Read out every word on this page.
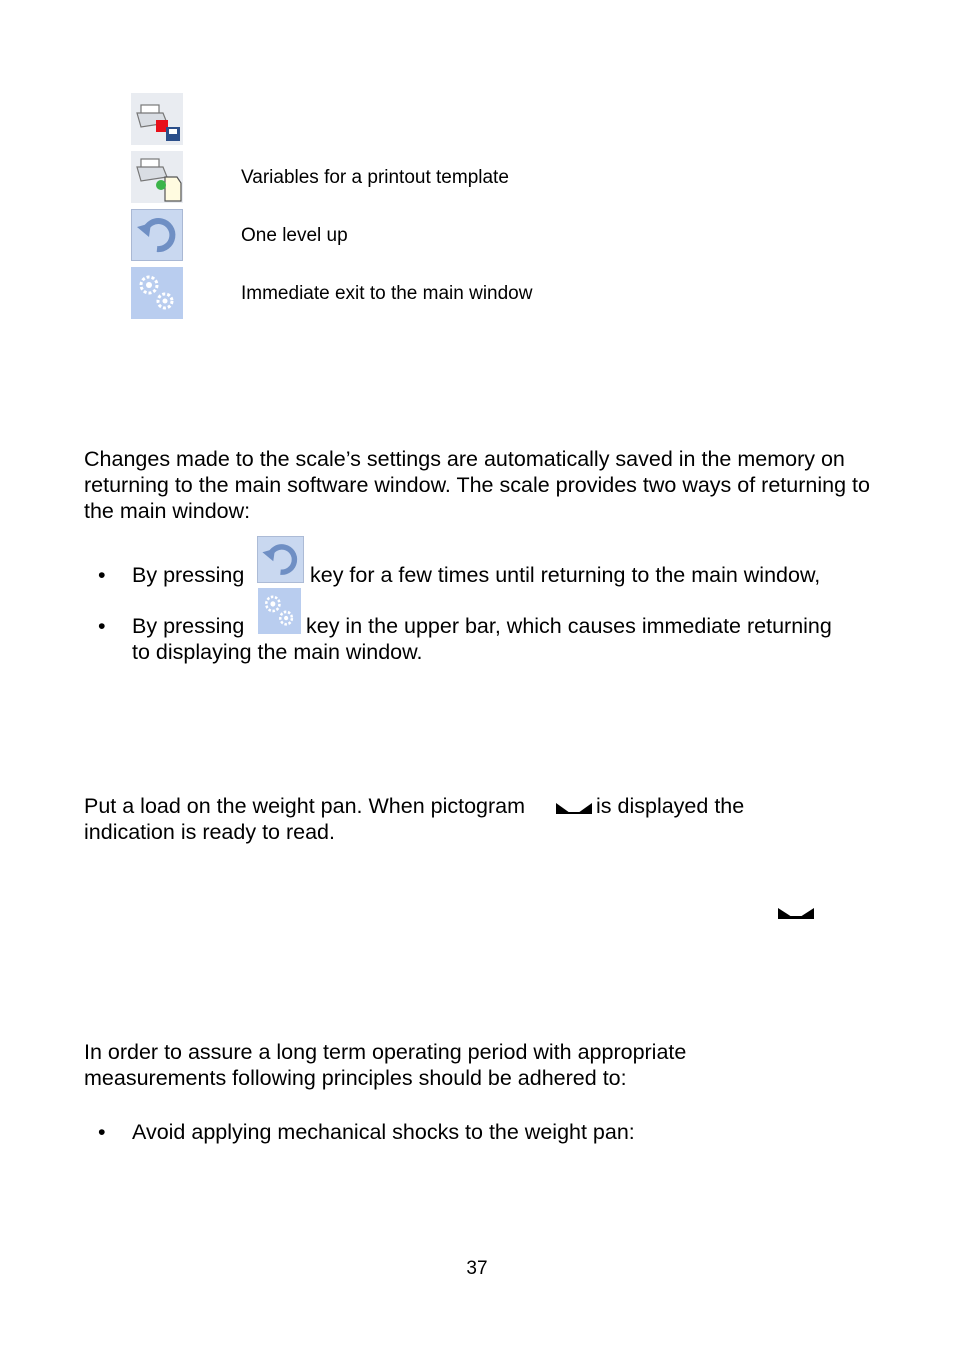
Variables for a printout template
One level up
Immediate exit to the main window
Changes made to the scale’s settings are automatically saved in the memory on returning to the main software window. The scale provides two ways of returning to the main window:
• By pressing	key for a few times until returning to the main window,
• By pressing	key in the upper bar, which causes immediate returning
to displaying the main window.
Put a load on the weight pan. When pictogram	is displayed the
indication is ready to read.
In order to assure a long term operating period with appropriate
measurements following principles should be adhered to:
• Avoid applying mechanical shocks to the weight pan:
37
